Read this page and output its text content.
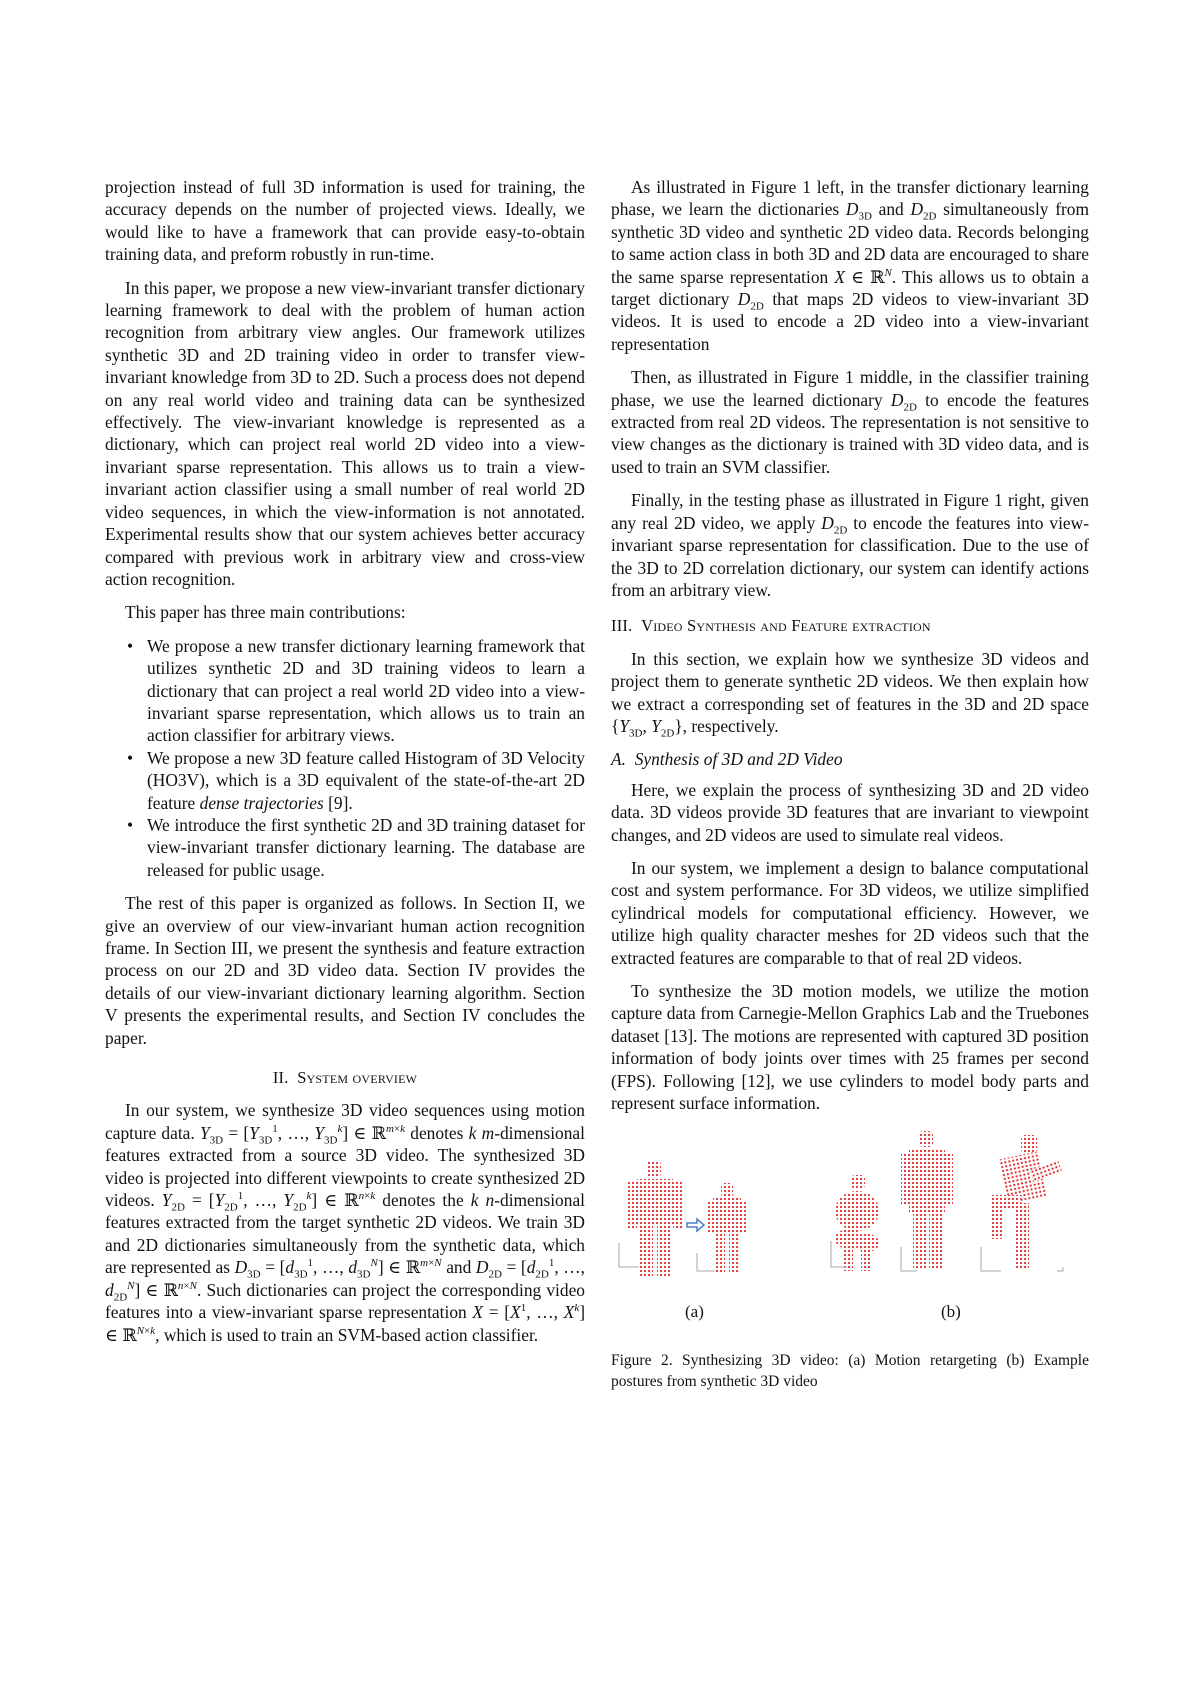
projection instead of full 3D information is used for training, the accuracy depends on the number of projected views. Ideally, we would like to have a framework that can provide easy-to-obtain training data, and preform robustly in run-time.

In this paper, we propose a new view-invariant transfer dictionary learning framework to deal with the problem of human action recognition from arbitrary view angles. Our framework utilizes synthetic 3D and 2D training video in order to transfer view-invariant knowledge from 3D to 2D. Such a process does not depend on any real world video and training data can be synthesized effectively. The view-invariant knowledge is represented as a dictionary, which can project real world 2D video into a view-invariant sparse representation. This allows us to train a view-invariant action classifier using a small number of real world 2D video sequences, in which the view-information is not annotated. Experimental results show that our system achieves better accuracy compared with previous work in arbitrary view and cross-view action recognition.

This paper has three main contributions:

• We propose a new transfer dictionary learning framework that utilizes synthetic 2D and 3D training videos to learn a dictionary that can project a real world 2D video into a view-invariant sparse representation, which allows us to train an action classifier for arbitrary views.
• We propose a new 3D feature called Histogram of 3D Velocity (HO3V), which is a 3D equivalent of the state-of-the-art 2D feature dense trajectories [9].
• We introduce the first synthetic 2D and 3D training dataset for view-invariant transfer dictionary learning. The database are released for public usage.

The rest of this paper is organized as follows. In Section II, we give an overview of our view-invariant human action recognition frame. In Section III, we present the synthesis and feature extraction process on our 2D and 3D video data. Section IV provides the details of our view-invariant dictionary learning algorithm. Section V presents the experimental results, and Section IV concludes the paper.

II. System overview

In our system, we synthesize 3D video sequences using motion capture data. $Y_{3D} = [Y_{3D}^1$, …, $Y_{3D}^k$] ∈ ℝ$^{m\times k}$ denotes k m-dimensional features extracted from a source 3D video. The synthesized 3D video is projected into different viewpoints to create synthesized 2D videos. $Y_{2D} = [Y_{2D}^1$, …, $Y_{2D}^k$] ∈ ℝ$^{n\times k}$ denotes the k n-dimensional features extracted from the target synthetic 2D videos. We train 3D and 2D dictionaries simultaneously from the synthetic data, which are represented as $D_{3D} = [d_{3D}^1$, …, $d_{3D}^N$] ∈ ℝ$^{m\times N}$ and $D_{2D} = [d_{2D}^1$, …, $d_{2D}^N$] ∈ ℝ$^{n\times N}$. Such dictionaries can project the corresponding video features into a view-invariant sparse representation $X = [X^1$, …, $X^k$] ∈ ℝ$^{N\times k}$, which is used to train an SVM-based action classifier.

As illustrated in Figure 1 left, in the transfer dictionary learning phase, we learn the dictionaries $D_{3D}$ and $D_{2D}$ simultaneously from synthetic 3D video and synthetic 2D video data. Records belonging to same action class in both 3D and 2D data are encouraged to share the same sparse representation X ∈ ℝ$^N$. This allows us to obtain a target dictionary $D_{2D}$ that maps 2D videos to view-invariant 3D videos. It is used to encode a 2D video into a view-invariant representation

Then, as illustrated in Figure 1 middle, in the classifier training phase, we use the learned dictionary $D_{2D}$ to encode the features extracted from real 2D videos. The representation is not sensitive to view changes as the dictionary is trained with 3D video data, and is used to train an SVM classifier.

Finally, in the testing phase as illustrated in Figure 1 right, given any real 2D video, we apply $D_{2D}$ to encode the features into view-invariant sparse representation for classification. Due to the use of the 3D to 2D correlation dictionary, our system can identify actions from an arbitrary view.

III. Video Synthesis and Feature extraction

In this section, we explain how we synthesize 3D videos and project them to generate synthetic 2D videos. We then explain how we extract a corresponding set of features in the 3D and 2D space {$Y_{3D}$, $Y_{2D}$}, respectively.

A. Synthesis of 3D and 2D Video

Here, we explain the process of synthesizing 3D and 2D video data. 3D videos provide 3D features that are invariant to viewpoint changes, and 2D videos are used to simulate real videos.

In our system, we implement a design to balance computational cost and system performance. For 3D videos, we utilize simplified cylindrical models for computational efficiency. However, we utilize high quality character meshes for 2D videos such that the extracted features are comparable to that of real 2D videos.

To synthesize the 3D motion models, we utilize the motion capture data from Carnegie-Mellon Graphics Lab and the Truebones dataset [13]. The motions are represented with captured 3D position information of body joints over times with 25 frames per second (FPS). Following [12], we use cylinders to model body parts and represent surface information.

(a)	(b)
Figure 2. Synthesizing 3D video: (a) Motion retargeting (b) Example postures from synthetic 3D video
